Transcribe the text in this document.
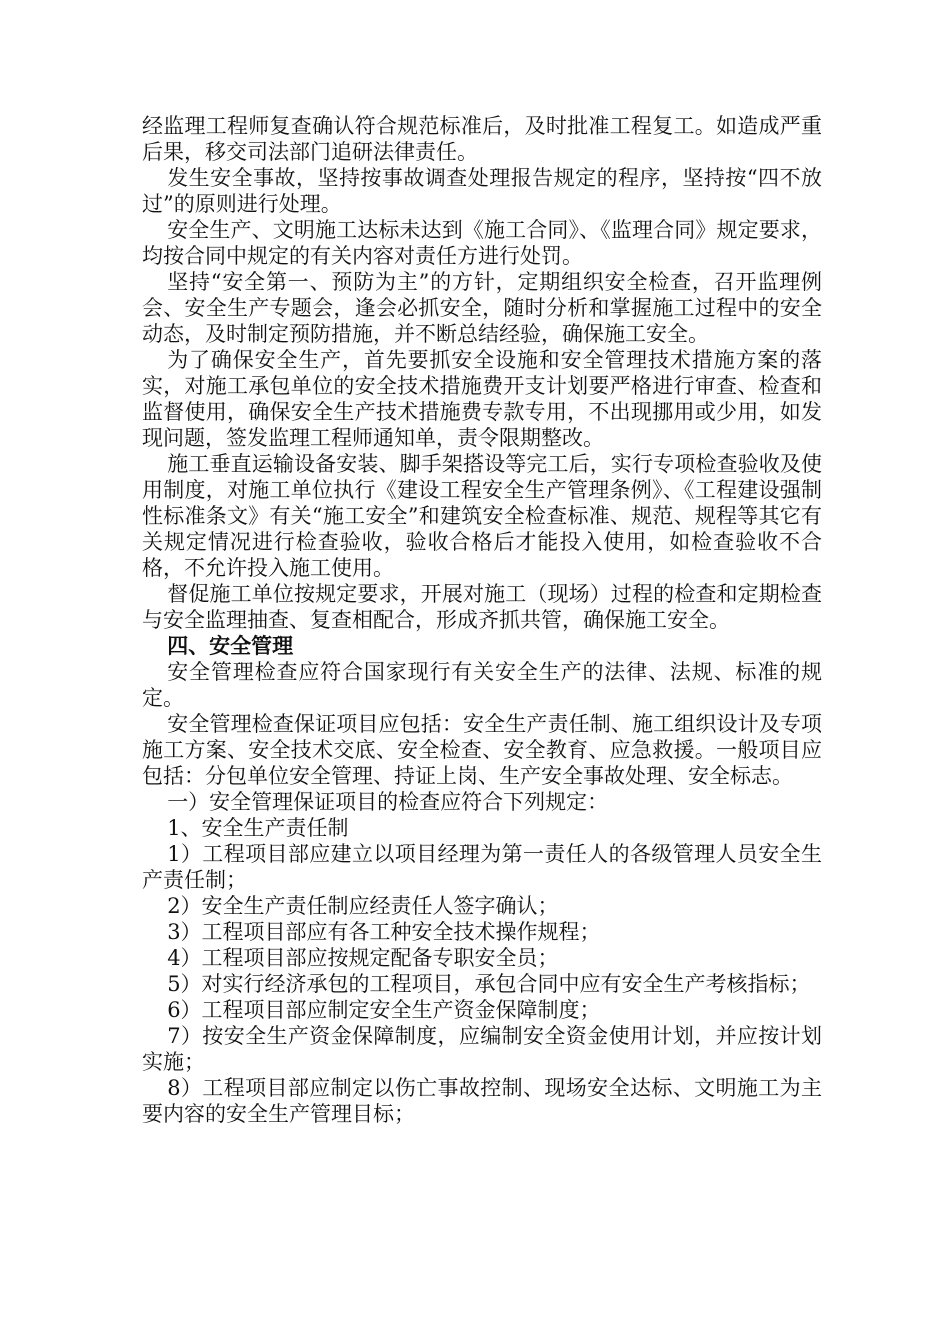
经监理工程师复查确认符合规范标准后，及时批准工程复工。如造成严重后果，移交司法部门追研法律责任。

发生安全事故，坚持按事故调查处理报告规定的程序，坚持按“四不放过”的原则进行处理。

安全生产、文明施工达标未达到《施工合同》、《监理合同》规定要求，均按合同中规定的有关内容对责任方进行处罚。

坚持“安全第一、预防为主”的方针，定期组织安全检查，召开监理例会、安全生产专题会，逢会必抓安全，随时分析和掌握施工过程中的安全动态，及时制定预防措施，并不断总结经验，确保施工安全。

为了确保安全生产，首先要抓安全设施和安全管理技术措施方案的落实，对施工承包单位的安全技术措施费开支计划要严格进行审查、检查和监督使用，确保安全生产技术措施费专款专用，不出现挪用或少用，如发现问题，签发监理工程师通知单，责令限期整改。

施工垂直运输设备安装、脚手架搭设等完工后，实行专项检查验收及使用制度，对施工单位执行《建设工程安全生产管理条例》、《工程建设强制性标准条文》有关“施工安全”和建筑安全检查标准、规范、规程等其它有关规定情况进行检查验收，验收合格后才能投入使用，如检查验收不合格，不允许投入施工使用。

督促施工单位按规定要求，开展对施工（现场）过程的检查和定期检查与安全监理抽查、复查相配合，形成齐抓共管，确保施工安全。

四、安全管理

安全管理检查应符合国家现行有关安全生产的法律、法规、标准的规定。

安全管理检查保证项目应包括：安全生产责任制、施工组织设计及专项施工方案、安全技术交底、安全检查、安全教育、应急救援。一般项目应包括：分包单位安全管理、持证上岗、生产安全事故处理、安全标志。

一）安全管理保证项目的检查应符合下列规定：

1、安全生产责任制

1）工程项目部应建立以项目经理为第一责任人的各级管理人员安全生产责任制；

2）安全生产责任制应经责任人签字确认；

3）工程项目部应有各工种安全技术操作规程；

4）工程项目部应按规定配备专职安全员；

5）对实行经济承包的工程项目，承包合同中应有安全生产考核指标；

6）工程项目部应制定安全生产资金保障制度；

7）按安全生产资金保障制度，应编制安全资金使用计划，并应按计划实施；

8）工程项目部应制定以伤亡事故控制、现场安全达标、文明施工为主要内容的安全生产管理目标；
